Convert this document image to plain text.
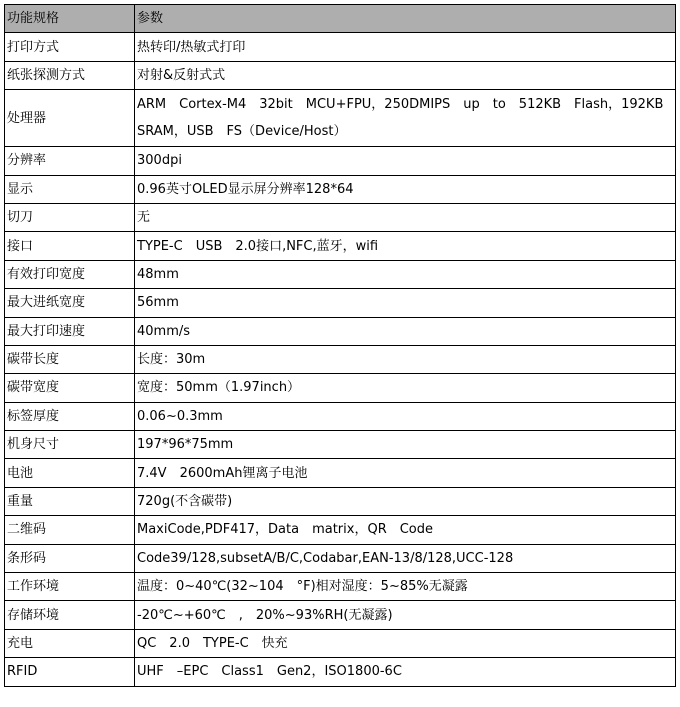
功能规格	参数
打印方式	热转印/热敏式打印
纸张探测方式	对射&反射式式
处理器	ARM　Cortex-M4　32bit　MCU+FPU，250DMIPS　up　to　512KB　Flash，192KB　SRAM，USB　FS（Device/Host）
分辨率	300dpi
显示	0.96英寸OLED显示屏分辨率128*64
切刀	无
接口	TYPE-C　USB　2.0接口,NFC,蓝牙，wifi
有效打印宽度	48mm
最大进纸宽度	56mm
最大打印速度	40mm/s
碳带长度	长度：30m
碳带宽度	宽度：50mm（1.97inch）
标签厚度	0.06~0.3mm
机身尺寸	197*96*75mm
电池	7.4V　2600mAh锂离子电池
重量	720g(不含碳带)
二维码	MaxiCode,PDF417，Data　matrix，QR　Code
条形码	Code39/128,subsetA/B/C,Codabar,EAN-13/8/128,UCC-128
工作环境	温度：0~40℃(32~104　°F)相对湿度：5~85%无凝露
存储环境	-20℃~+60℃　,　20%~93%RH(无凝露)
充电	QC　2.0　TYPE-C　快充
RFID	UHF　–EPC　Class1　Gen2，ISO1800-6C
